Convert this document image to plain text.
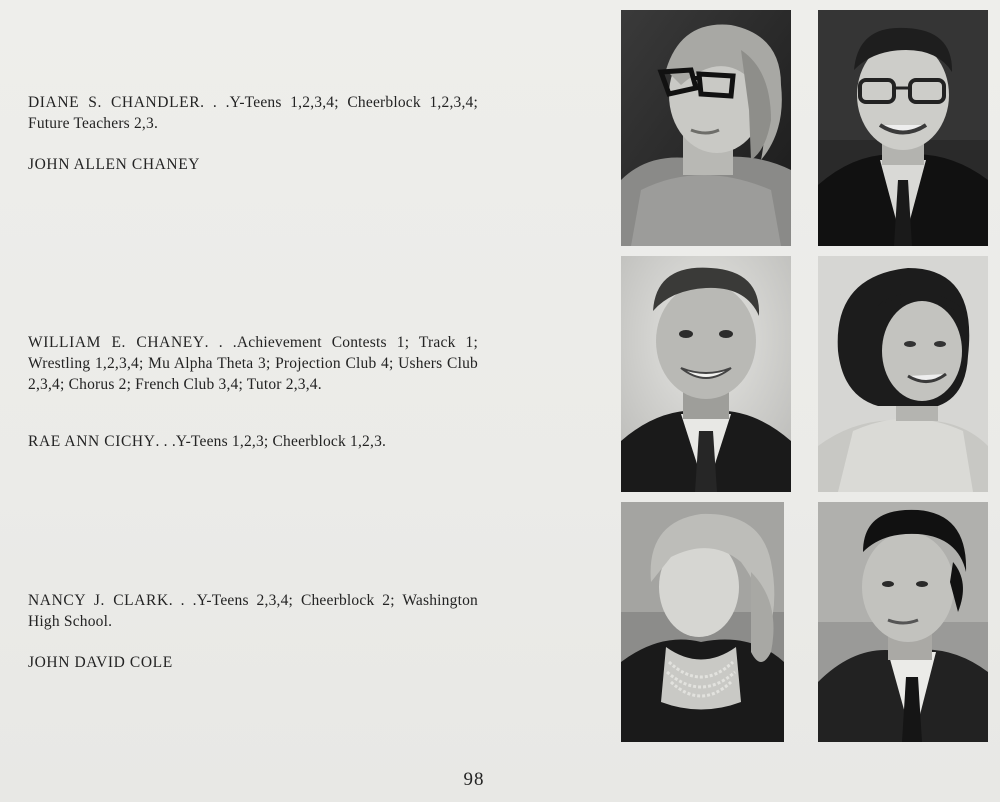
DIANE S. CHANDLER. . .Y-Teens 1,2,3,4; Cheerblock 1,2,3,4; Future Teachers 2,3.

JOHN ALLEN CHANEY

WILLIAM E. CHANEY. . .Achievement Contests 1; Track 1; Wrestling 1,2,3,4; Mu Alpha Theta 3; Projection Club 4; Ushers Club 2,3,4; Chorus 2; French Club 3,4; Tutor 2,3,4.

RAE ANN CICHY. . .Y-Teens 1,2,3; Cheerblock 1,2,3.

NANCY J. CLARK. . .Y-Teens 2,3,4; Cheerblock 2; Washington High School.

JOHN DAVID COLE

98
